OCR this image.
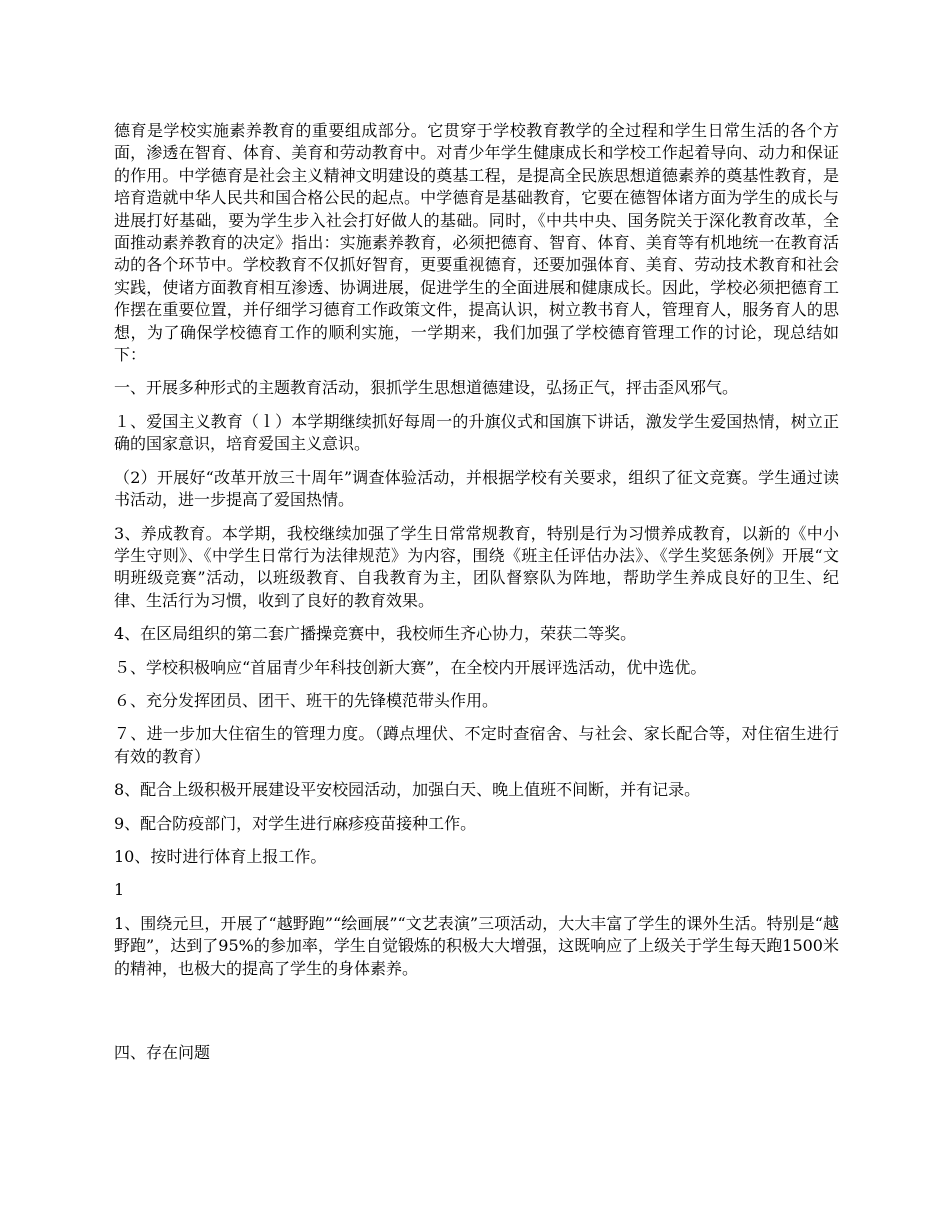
德育是学校实施素养教育的重要组成部分。它贯穿于学校教育教学的全过程和学生日常生活的各个方面，渗透在智育、体育、美育和劳动教育中。对青少年学生健康成长和学校工作起着导向、动力和保证的作用。中学德育是社会主义精神文明建设的奠基工程，是提高全民族思想道德素养的奠基性教育，是培育造就中华人民共和国合格公民的起点。中学德育是基础教育，它要在德智体诸方面为学生的成长与进展打好基础，要为学生步入社会打好做人的基础。同时，《中共中央、国务院关于深化教育改革，全面推动素养教育的决定》指出：实施素养教育，必须把德育、智育、体育、美育等有机地统一在教育活动的各个环节中。学校教育不仅抓好智育，更要重视德育，还要加强体育、美育、劳动技术教育和社会实践，使诸方面教育相互渗透、协调进展，促进学生的全面进展和健康成长。因此，学校必须把德育工作摆在重要位置，并仔细学习德育工作政策文件，提高认识，树立教书育人，管理育人，服务育人的思想，为了确保学校德育工作的顺利实施，一学期来，我们加强了学校德育管理工作的讨论，现总结如下：

一、开展多种形式的主题教育活动，狠抓学生思想道德建设，弘扬正气，抨击歪风邪气。

１、爱国主义教育（ｌ）本学期继续抓好每周一的升旗仪式和国旗下讲话，激发学生爱国热情，树立正确的国家意识，培育爱国主义意识。

（2）开展好“改革开放三十周年”调查体验活动，并根据学校有关要求，组织了征文竞赛。学生通过读书活动，进一步提高了爱国热情。

3、养成教育。本学期，我校继续加强了学生日常常规教育，特别是行为习惯养成教育，以新的《中小学生守则》、《中学生日常行为法律规范》为内容，围绕《班主任评估办法》、《学生奖惩条例》开展“文明班级竞赛”活动，以班级教育、自我教育为主，团队督察队为阵地，帮助学生养成良好的卫生、纪律、生活行为习惯，收到了良好的教育效果。

4、在区局组织的第二套广播操竞赛中，我校师生齐心协力，荣获二等奖。

５、学校积极响应“首届青少年科技创新大赛”，在全校内开展评选活动，优中选优。

６、充分发挥团员、团干、班干的先锋模范带头作用。

７、进一步加大住宿生的管理力度。（蹲点埋伏、不定时查宿舍、与社会、家长配合等，对住宿生进行有效的教育）

8、配合上级积极开展建设平安校园活动，加强白天、晚上值班不间断，并有记录。

9、配合防疫部门，对学生进行麻疹疫苗接种工作。

10、按时进行体育上报工作。

1

1、围绕元旦，开展了“越野跑”“绘画展”“文艺表演”三项活动，大大丰富了学生的课外生活。特别是“越野跑”，达到了95%的参加率，学生自觉锻炼的积极大大增强，这既响应了上级关于学生每天跑1500米的精神，也极大的提高了学生的身体素养。

四、存在问题
